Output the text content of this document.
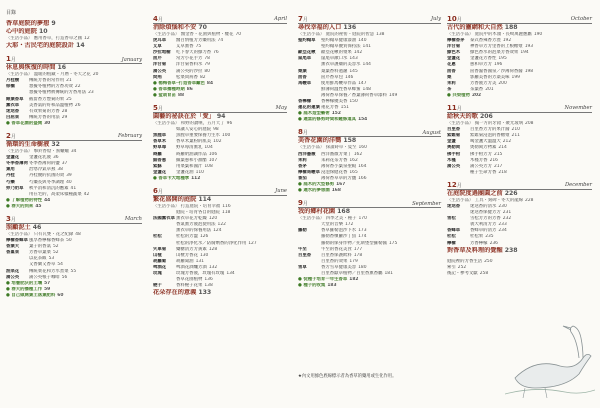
目錄
香草庭院的夢想 9
心中的庭院 10
〈生活小品〉 應用香草，打造香草之國 12
大耶・古民宅的庭院設計 14
1月	January
休息與恢復的時間 16
〈生活小品〉 溫暖的植藏・月曆・冬天之花 20
月桂樹	傳統芳香的常作用 21
棕櫚	想擬冬植物的芳香功效 22
想擬冬植物被傳統的芳香用法 23
銀葉香草	截留香芳豐菊的果 25
薰衣草	美香氣的好和品溫植物 26
迷迭香	有效果菊的芳香 28
白屈菜	傳統芳香的用法 29
● 香草花園的盛開 30
2月	February
循環的生命樹液 32
〈生活小品〉 擊鈴香燈・蜜蠟蠟 34
金盞花	金盞花乳液 36
冬季香薄荷 冬季香薄荷的鹽 37
葉用	治寒冷氣草燕 38
丹桂	丹桂優的抗菌的效 39
芍藥	芍藥長與冬季調理 40
卵乃奶草	秋平消和清沉的應素 41
用在宅的，高架床樣種蔬菜 42
● 了解植物的特性 44
● 春天的到來 45
3月	March
照顧泥土 46
〈生活小品〉 只有瓦甕・花之紀錄 48
檸檬香蜂草 風享香檸檬香蜂茶 50
香葉天	葉子的香氣 52
香堇菜	芳香草葉菜 52
以花茶飯 53
又香蘭又香草 54
油菜花	傳統菜花和芳水煮菜 55
蒲公英	蒲公英根子咖啡 56
● 培養肥沃的土壤 57
● 春天的播種工作 59
● 自己做腐葉土落葉肥料 60
4月	April
消除煩惱和不安 70
〈生活小品〉 醫金香・花園與植物・櫻花 70
虎耳草	醫百情植芳芳藥用法 74
艾草	艾草薰香 75
沙拉地榆	吃下春天的綠力香 76
茴芹	常芳小花手芳 78
洋甘菊	洋甘菊香料水 79
蒲公英	蒲公英的沙拉 80
問荊	松菜問荊香 82
● 楊梅香草─打造香草籬笆 84
● 香草播種時期 86
● 盆栽育苗 88
5月	May
圓藝的祕訣在於「愛」 94
〈生活小品〉 和野的讚嘆，五月天了 96
如讓人安心的庭院 98
魚腥草	魚腥草重要保養力生水 100
香草米	香草米葉粉的肌美 102
野草莓	野草莓清薰乳 104
蒔蘿	蒔蘿奶油調作品 106
細香蔥	細葉蔥和小甜醋 107
紫蘇	用菜葉和醬汁 108
金盞花	金盞花油 110
● 香草卡大地種學 112
6月	June
繁花盛開的庭院 114
〈生活小品〉 打造庭院・培育幸福 116
庭院・培育各自的庭院 118
法國薰衣草 薰衣草花芳乾燥 120
香氣薰芳液泡使用法 122
薰衣草的保養用法 124
杜松	杜松的芳澀 126
杜松的淨化水／防腐劑香的淨化作用 127
矢車菊	藥糖清芳芳黃素 128
山楂	山楂芳香花 130
胡蘿蔔	胡蘿蔔油 131
啤酒花	啤酒花酒釀芳酒 132
玫瑰	玫瑰芳香液，玫瑰有玫瑰 134
香草花園植物 136
梔子	香料梔子花果 138
花朵存在的意義 133
7月	July
尋找幸福的入口 136
〈生活小品〉 庭院的祕密・庭院的智慧 138
聖約翰草	聖約翰草健康漆油 140
聖約翰草優質保持法 141
歐亞花楸	歐亞花楸的漿果 142
鼠尾草	鼠尾草漱口水 143
薰衣草護膚的美容水 144
桑葉	桑葉香料過濾 145
茴香	茴芹香草包 146
馬鞭草	使用鮮馬鞭草作品 147
鮮薄荷溫性香草蜂蜜 148
薄荷香草保養／香葉薄荷香草漆料 149
香檸檬	香檸檬優美香 150
蓮花的蓮葉 蓮花芳香 151
● 庭木造型藝術 152
● 適當的修剪時間和鏟修道具 154
8月	August
美香花園的洋嚮 158
〈生活小品〉 探讀蒔草・夏至 160
西洋薔薇	西洋薔薇芳菜丁 162
茉莉	茉莉花茶芳香 162
香茅	薄荷香小葉泉聖殿 164
檸檬馬鞭草 浸泡保健花香 165
番茄	薄荷香草草的芳鹽 166
● 庭木的大型修剪 167
● 適水的夢想園 168
9月	September
我的鄉村花園 168
〈生活小品〉 四季之美・種子 170
天堂的音樂 172
羅勒	香草羅勒泡沙下水 173
羅勒香檳蘿沙丁魚 174
羅勒的保身作物／托斯堡型羅勒醬 175
牛至	牛至的香花美食 177
百里香	百里香保護飲料 178
百里香的效果 179
雪草	香芳雪草健康美容 180
百里香獻草植物／百里香薰香屬 181
● 從種子培育一年生香草 182
● 種子的收集 183
10月	October
古代的靈網和大自然 188
〈生活小品〉 庭院中的木頭・長崎萬麗應屬 190
檸檬香茅	泰式香辣香芳溼 192
洋甘菊	神香草芳芳里香的上根糖漿 193
綠色木	綠色香水的泡菜芳香效果 194
金盞花	金盞花芳香性 195
花蔥	蔥和草芳芳 196
茴香	茴香濕香醬泉／沙薄荷香醬 198
桑	郭蘿美香的芳桑美味 199
茉莉	芳香液芳芳美 200
茶	茶葉香 201
● 共榮植物 202
11月	November
給秋天的歌 206
〈生活小品〉 獨一方的牙錯・聚光玻璃 208
百里香	百里香芳芳的果汁醬 210
紫錐菊	紫錐菊浸泡的香糖漿 211
金盞	喝金盞大溫溫大 212
奧勒岡	奧勒岡芳物素 214
佛手柑	佛手柑芳芳 215
木槿	木槿芳香 216
蒲公英	蒲公英芳芳 217
種子生命芳香 218
12月	December
在庭院度過團圓之前 226
〈生活小品〉 工具・刻碑・冬天的龍線 228
迷迭香	迷迭香的清水 230
迷迭香保健芳芳 231
雪松	雪松芳芳的芳香 232
義大利清芳芳 233
香蜂草	香蜂草的清芳 234
杜松	杜松果 235
檸檬	芳香檸檬 236
對香草及料理的覺醒 238
庭院裡的芳香生活 250
索引 252
後記・參考文獻 258
★內文用綠色底線標示者為香草的藥用或生化作用。
